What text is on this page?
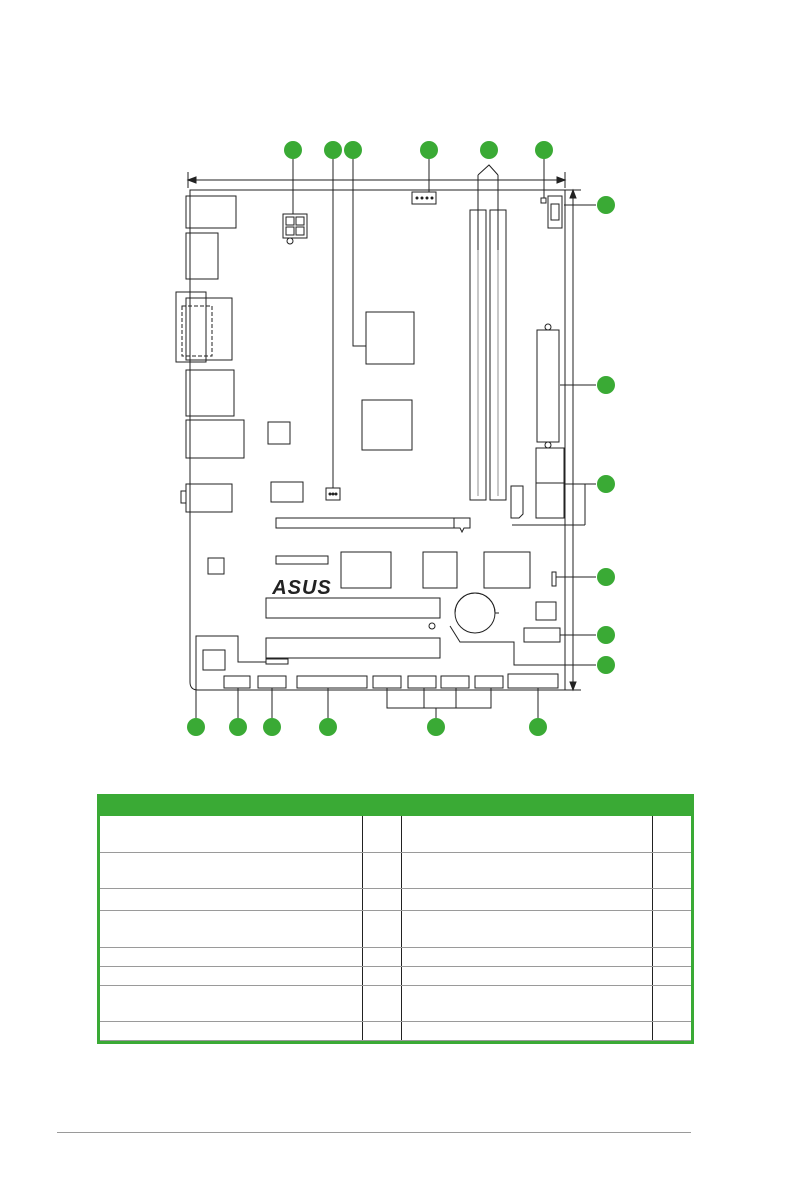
ASUS
